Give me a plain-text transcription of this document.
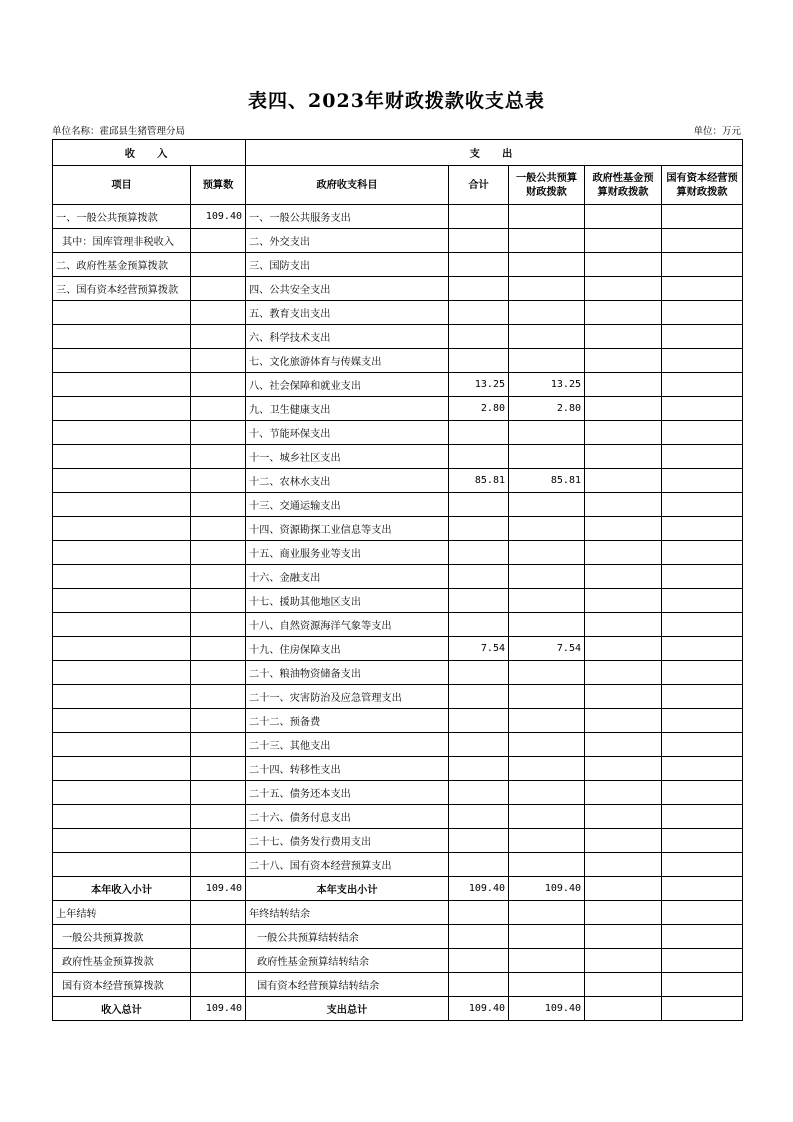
表四、2023年财政拨款收支总表
单位名称：霍邱县生猪管理分局	单位：万元
收　入		支　出				
项目	预算数	政府收支科目	合计	一般公共预算财政拨款	政府性基金预算财政拨款	国有资本经营预算财政拨款
一、一般公共预算拨款	109.40	一、一般公共服务支出				
其中：国库管理非税收入		二、外交支出				
二、政府性基金预算拨款		三、国防支出				
三、国有资本经营预算拨款		四、公共安全支出				
		五、教育支出支出				
		六、科学技术支出				
		七、文化旅游体育与传媒支出				
		八、社会保障和就业支出	13.25	13.25		
		九、卫生健康支出	2.80	2.80		
		十、节能环保支出				
		十一、城乡社区支出				
		十二、农林水支出	85.81	85.81		
		十三、交通运输支出				
		十四、资源勘探工业信息等支出				
		十五、商业服务业等支出				
		十六、金融支出				
		十七、援助其他地区支出				
		十八、自然资源海洋气象等支出				
		十九、住房保障支出	7.54	7.54		
		二十、粮油物资储备支出				
		二十一、灾害防治及应急管理支出				
		二十二、预备费				
		二十三、其他支出				
		二十四、转移性支出				
		二十五、债务还本支出				
		二十六、债务付息支出				
		二十七、债务发行费用支出				
		二十八、国有资本经营预算支出				
本年收入小计	109.40	本年支出小计	109.40	109.40		
上年结转		年终结转结余				
一般公共预算拨款		一般公共预算结转结余				
政府性基金预算拨款		政府性基金预算结转结余				
国有资本经营预算拨款		国有资本经营预算结转结余				
收入总计	109.40	支出总计	109.40	109.40		
